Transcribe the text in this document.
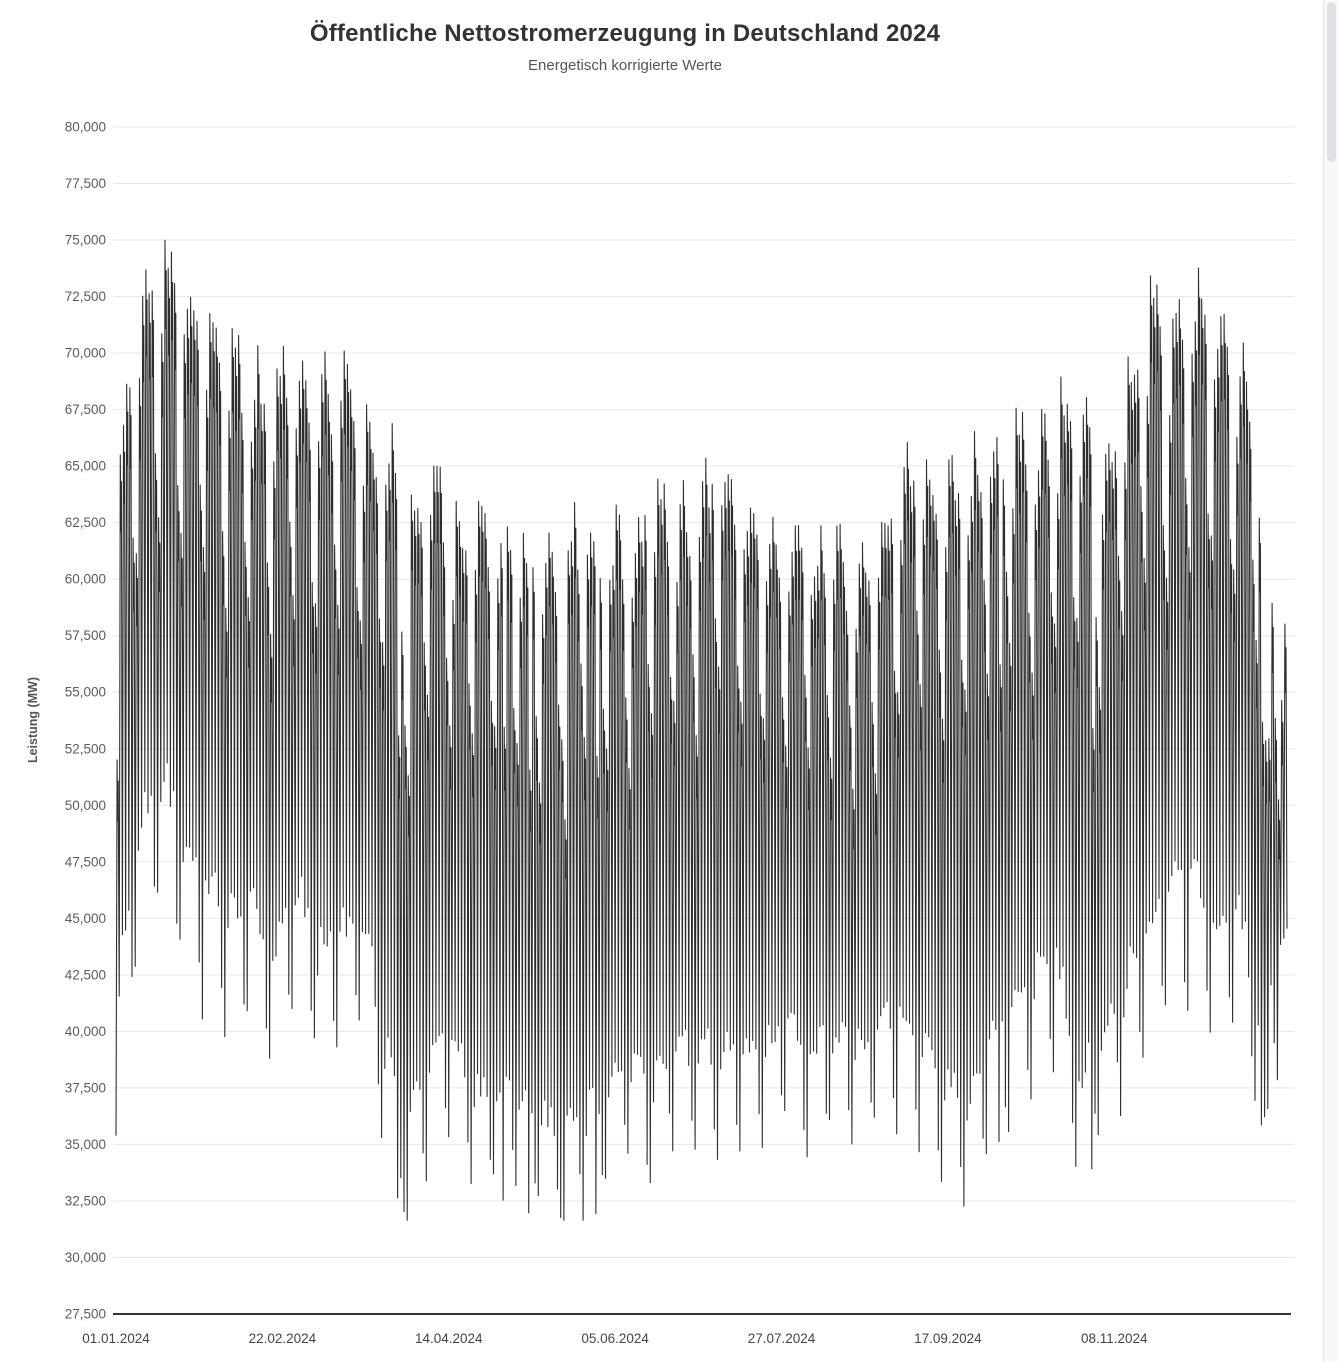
Öffentliche Nettostromerzeugung in Deutschland 2024
Energetisch korrigierte Werte
80,000
77,500
75,000
72,500
70,000
67,500
65,000
62,500
60,000
57,500
55,000
52,500
50,000
47,500
45,000
42,500
40,000
37,500
35,000
32,500
30,000
27,500
01.01.2024	22.02.2024	14.04.2024	05.06.2024	27.07.2024	17.09.2024	08.11.2024
Leistung (MW)
